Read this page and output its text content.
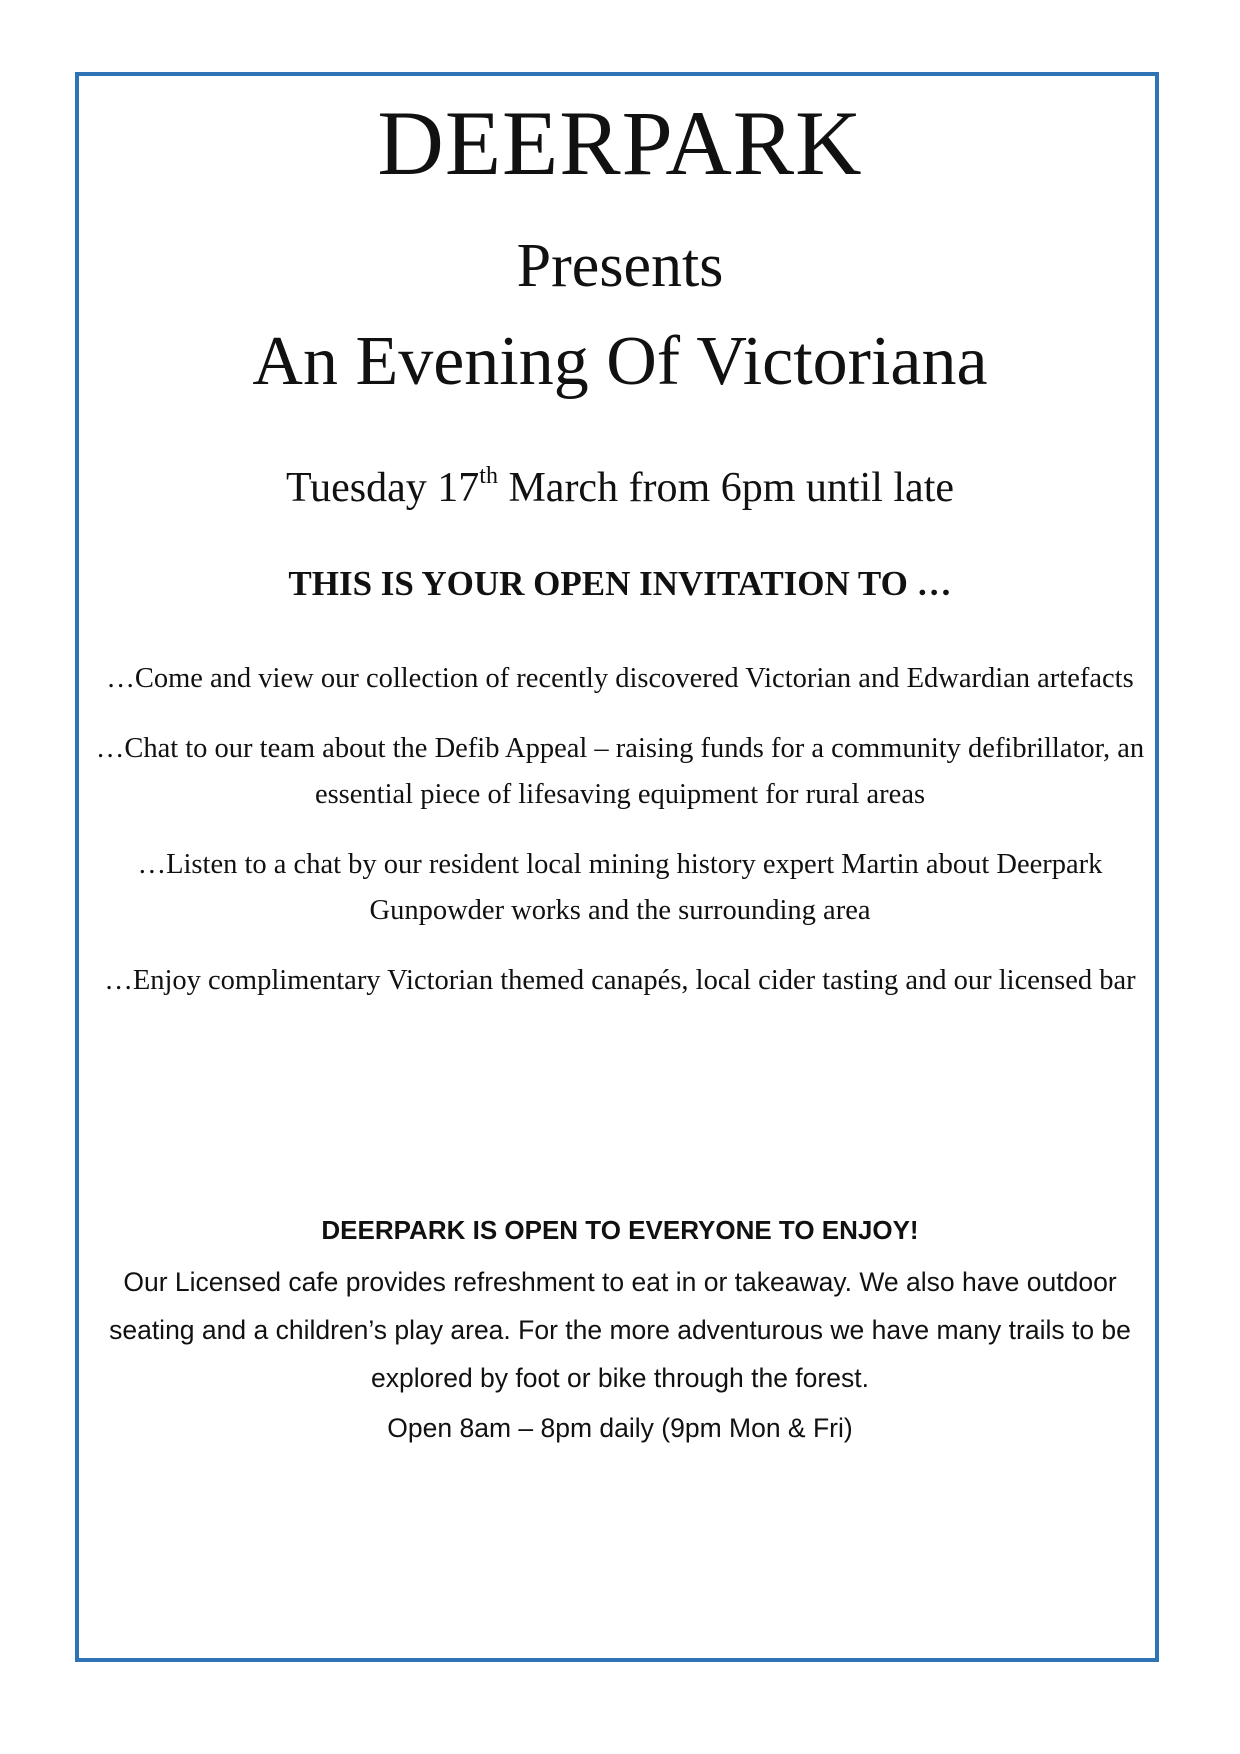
DEERPARK
Presents
An Evening Of Victoriana
Tuesday 17th March from 6pm until late
THIS IS YOUR OPEN INVITATION TO …
…Come and view our collection of recently discovered Victorian and Edwardian artefacts
…Chat to our team about the Defib Appeal – raising funds for a community defibrillator, an essential piece of lifesaving equipment for rural areas
…Listen to a chat by our resident local mining history expert Martin about Deerpark Gunpowder works and the surrounding area
…Enjoy complimentary Victorian themed canapés, local cider tasting and our licensed bar
DEERPARK IS OPEN TO EVERYONE TO ENJOY!

Our Licensed cafe provides refreshment to eat in or takeaway. We also have outdoor seating and a children’s play area. For the more adventurous we have many trails to be explored by foot or bike through the forest.

Open 8am – 8pm daily (9pm Mon & Fri)
